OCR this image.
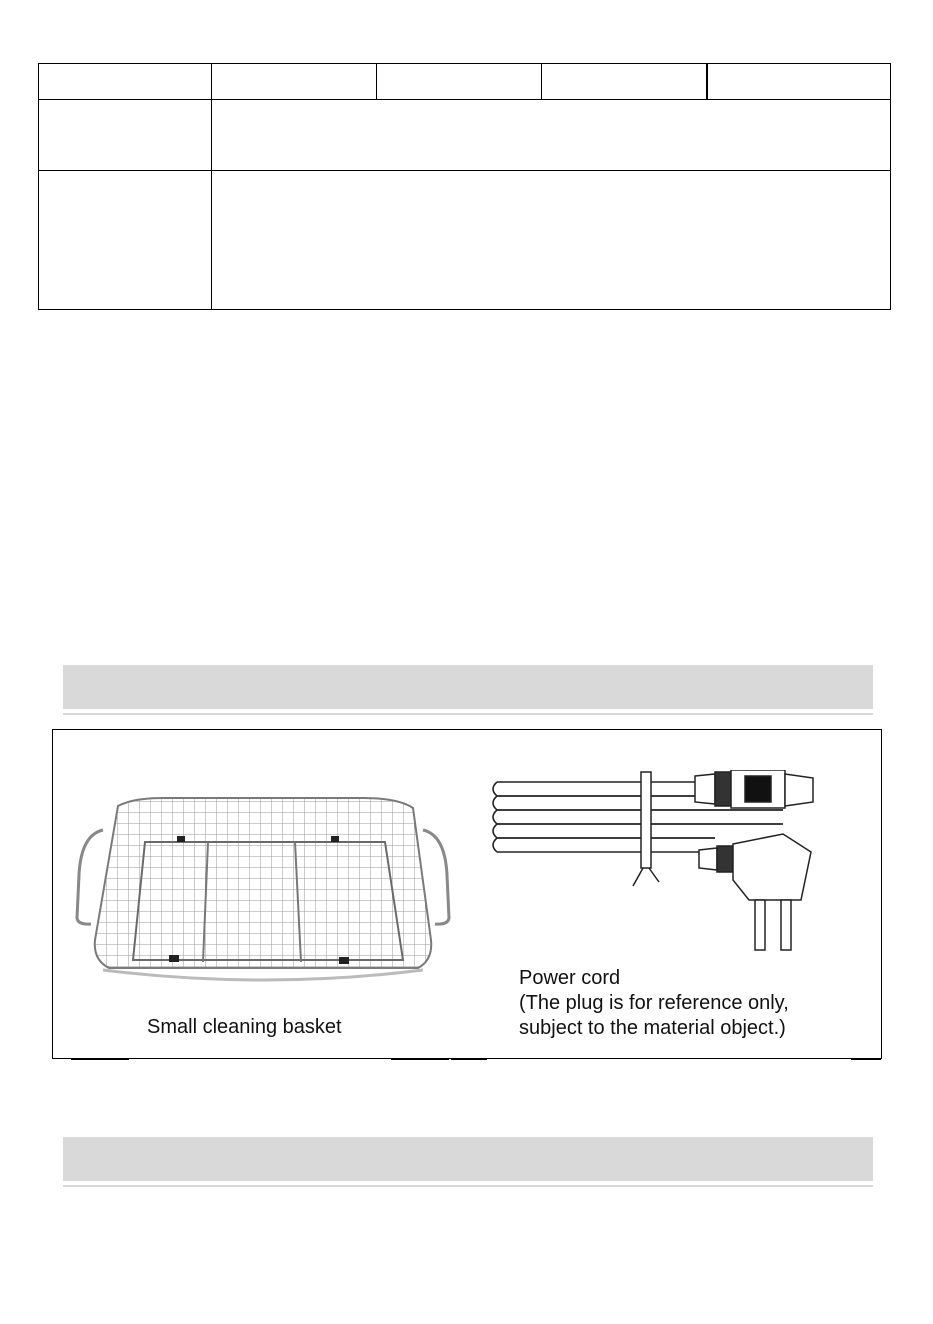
Small cleaning basket
Power cord
(The plug is for reference only,
subject to the material object.)
